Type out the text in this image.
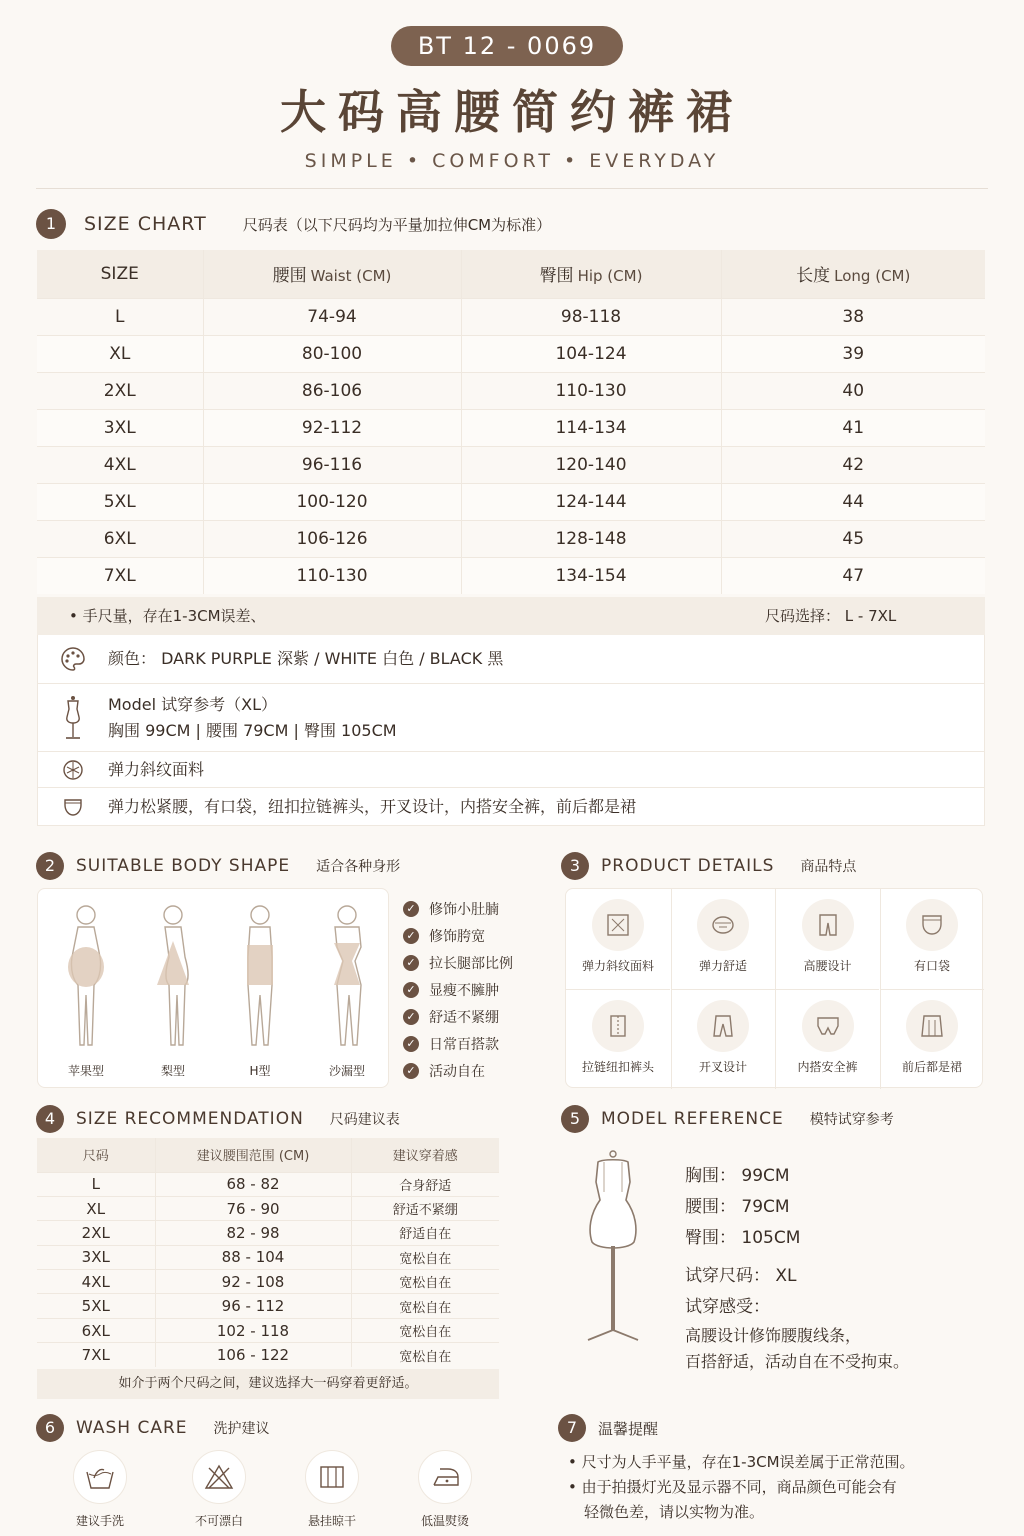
BT 12 - 0069
大码高腰简约裤裙
SIMPLE • COMFORT • EVERYDAY
1	SIZE CHART 尺码表（以下尺码均为平量加拉伸CM为标准）
SIZE	腰围 Waist (CM)	臀围 Hip (CM)	长度 Long (CM)
L	74-94	98-118	38
XL	80-100	104-124	39
2XL	86-106	110-130	40
3XL	92-112	114-134	41
4XL	96-116	120-140	42
5XL	100-120	124-144	44
6XL	106-126	128-148	45
7XL	110-130	134-154	47
• 手尺量，存在1-3CM误差、	尺码选择： L - 7XL
颜色： DARK PURPLE 深紫 / WHITE 白色 / BLACK 黑
Model 试穿参考（XL）
胸围 99CM | 腰围 79CM | 臀围 105CM
弹力斜纹面料
弹力松紧腰，有口袋，纽扣拉链裤头，开叉设计，内搭安全裤，前后都是裙
2	SUITABLE BODY SHAPE 适合各种身形
苹果型	梨型	H型	沙漏型
✓ 修饰小肚腩
✓ 修饰胯宽
✓ 拉长腿部比例
✓ 显瘦不臃肿
✓ 舒适不紧绷
✓ 日常百搭款
✓ 活动自在
3	PRODUCT DETAILS 商品特点
弹力斜纹面料	弹力舒适	高腰设计	有口袋
拉链纽扣裤头	开叉设计	内搭安全裤	前后都是裙
4	SIZE RECOMMENDATION 尺码建议表
尺码	建议腰围范围 (CM)	建议穿着感
L	68 - 82	合身舒适
XL	76 - 90	舒适不紧绷
2XL	82 - 98	舒适自在
3XL	88 - 104	宽松自在
4XL	92 - 108	宽松自在
5XL	96 - 112	宽松自在
6XL	102 - 118	宽松自在
7XL	106 - 122	宽松自在
如介于两个尺码之间，建议选择大一码穿着更舒适。
5	MODEL REFERENCE 模特试穿参考
胸围： 99CM
腰围： 79CM
臀围： 105CM
试穿尺码： XL
试穿感受：
高腰设计修饰腰腹线条，
百搭舒适，活动自在不受拘束。
6	WASH CARE 洗护建议
建议手洗	不可漂白	悬挂晾干	低温熨烫
7	温馨提醒
• 尺寸为人手平量，存在1-3CM误差属于正常范围。
• 由于拍摄灯光及显示器不同，商品颜色可能会有
轻微色差，请以实物为准。
